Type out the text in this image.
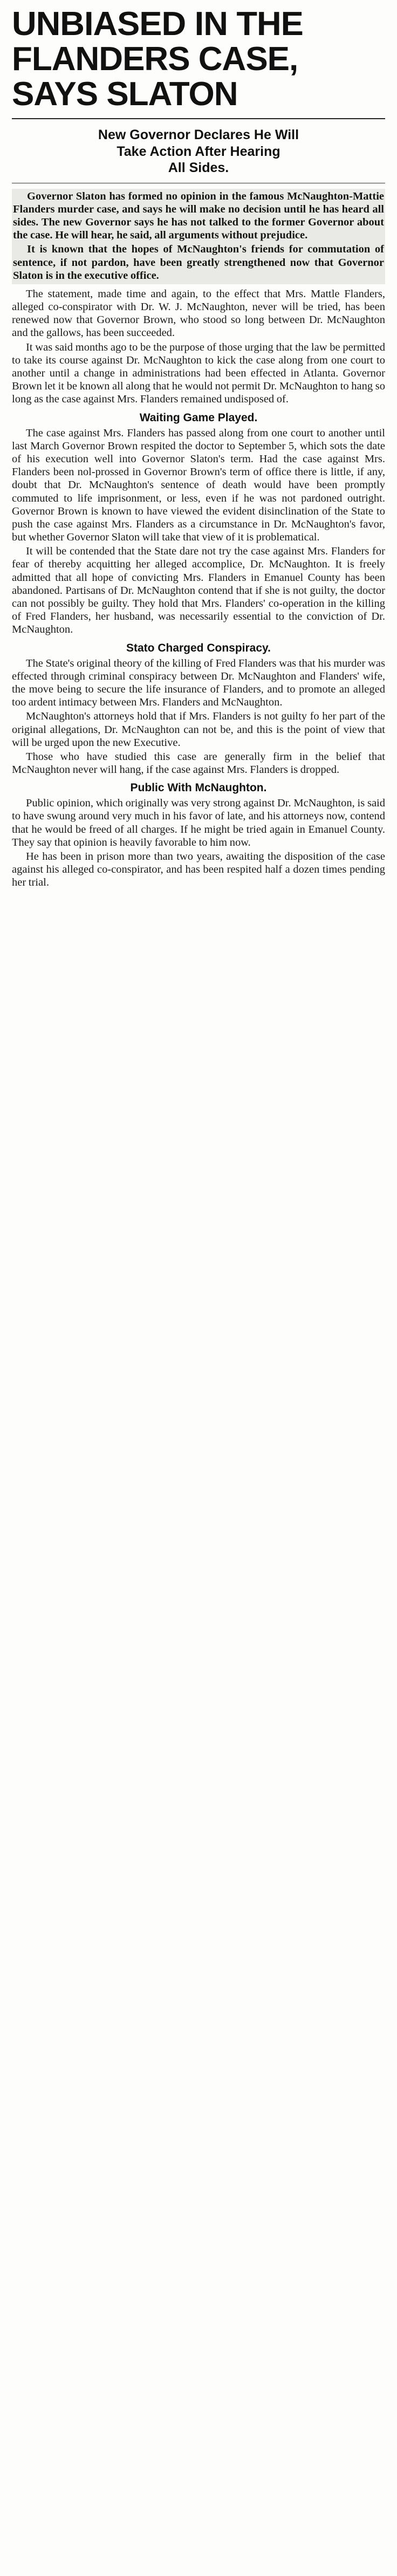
UNBIASED IN THE
FLANDERS CASE,
SAYS SLATON
New Governor Declares He Will
Take Action After Hearing
All Sides.

Governor Slaton has formed no opinion in the famous McNaughton-Mattie Flanders murder case, and says he will make no decision until he has heard all sides. The new Governor says he has not talked to the former Governor about the case. He will hear, he said, all arguments without prejudice.

It is known that the hopes of McNaughton's friends for commutation of sentence, if not pardon, have been greatly strengthened now that Governor Slaton is in the executive office.

The statement, made time and again, to the effect that Mrs. Mattle Flanders, alleged co-conspirator with Dr. W. J. McNaughton, never will be tried, has been renewed now that Governor Brown, who stood so long between Dr. McNaughton and the gallows, has been succeeded.

It was said months ago to be the purpose of those urging that the law be permitted to take its course against Dr. McNaughton to kick the case along from one court to another until a change in administrations had been effected in Atlanta. Governor Brown let it be known all along that he would not permit Dr. McNaughton to hang so long as the case against Mrs. Flanders remained undisposed of.

Waiting Game Played.

The case against Mrs. Flanders has passed along from one court to another until last March Governor Brown respited the doctor to September 5, which sots the date of his execution well into Governor Slaton's term. Had the case against Mrs. Flanders been nol-prossed in Governor Brown's term of office there is little, if any, doubt that Dr. McNaughton's sentence of death would have been promptly commuted to life imprisonment, or less, even if he was not pardoned outright. Governor Brown is known to have viewed the evident disinclination of the State to push the case against Mrs. Flanders as a circumstance in Dr. McNaughton's favor, but whether Governor Slaton will take that view of it is problematical.

It will be contended that the State dare not try the case against Mrs. Flanders for fear of thereby acquitting her alleged accomplice, Dr. McNaughton. It is freely admitted that all hope of convicting Mrs. Flanders in Emanuel County has been abandoned. Partisans of Dr. McNaughton contend that if she is not guilty, the doctor can not possibly be guilty. They hold that Mrs. Flanders' co-operation in the killing of Fred Flanders, her husband, was necessarily essential to the conviction of Dr. McNaughton.

Stato Charged Conspiracy.

The State's original theory of the killing of Fred Flanders was that his murder was effected through criminal conspiracy between Dr. McNaughton and Flanders' wife, the move being to secure the life insurance of Flanders, and to promote an alleged too ardent intimacy between Mrs. Flanders and McNaughton.

McNaughton's attorneys hold that if Mrs. Flanders is not guilty fo her part of the original allegations, Dr. McNaughton can not be, and this is the point of view that will be urged upon the new Executive.

Those who have studied this case are generally firm in the belief that McNaughton never will hang, if the case against Mrs. Flanders is dropped.

Public With McNaughton.

Public opinion, which originally was very strong against Dr. McNaughton, is said to have swung around very much in his favor of late, and his attorneys now, contend that he would be freed of all charges. If he might be tried again in Emanuel County. They say that opinion is heavily favorable to him now.

He has been in prison more than two years, awaiting the disposition of the case against his alleged co-conspirator, and has been respited half a dozen times pending her trial.
